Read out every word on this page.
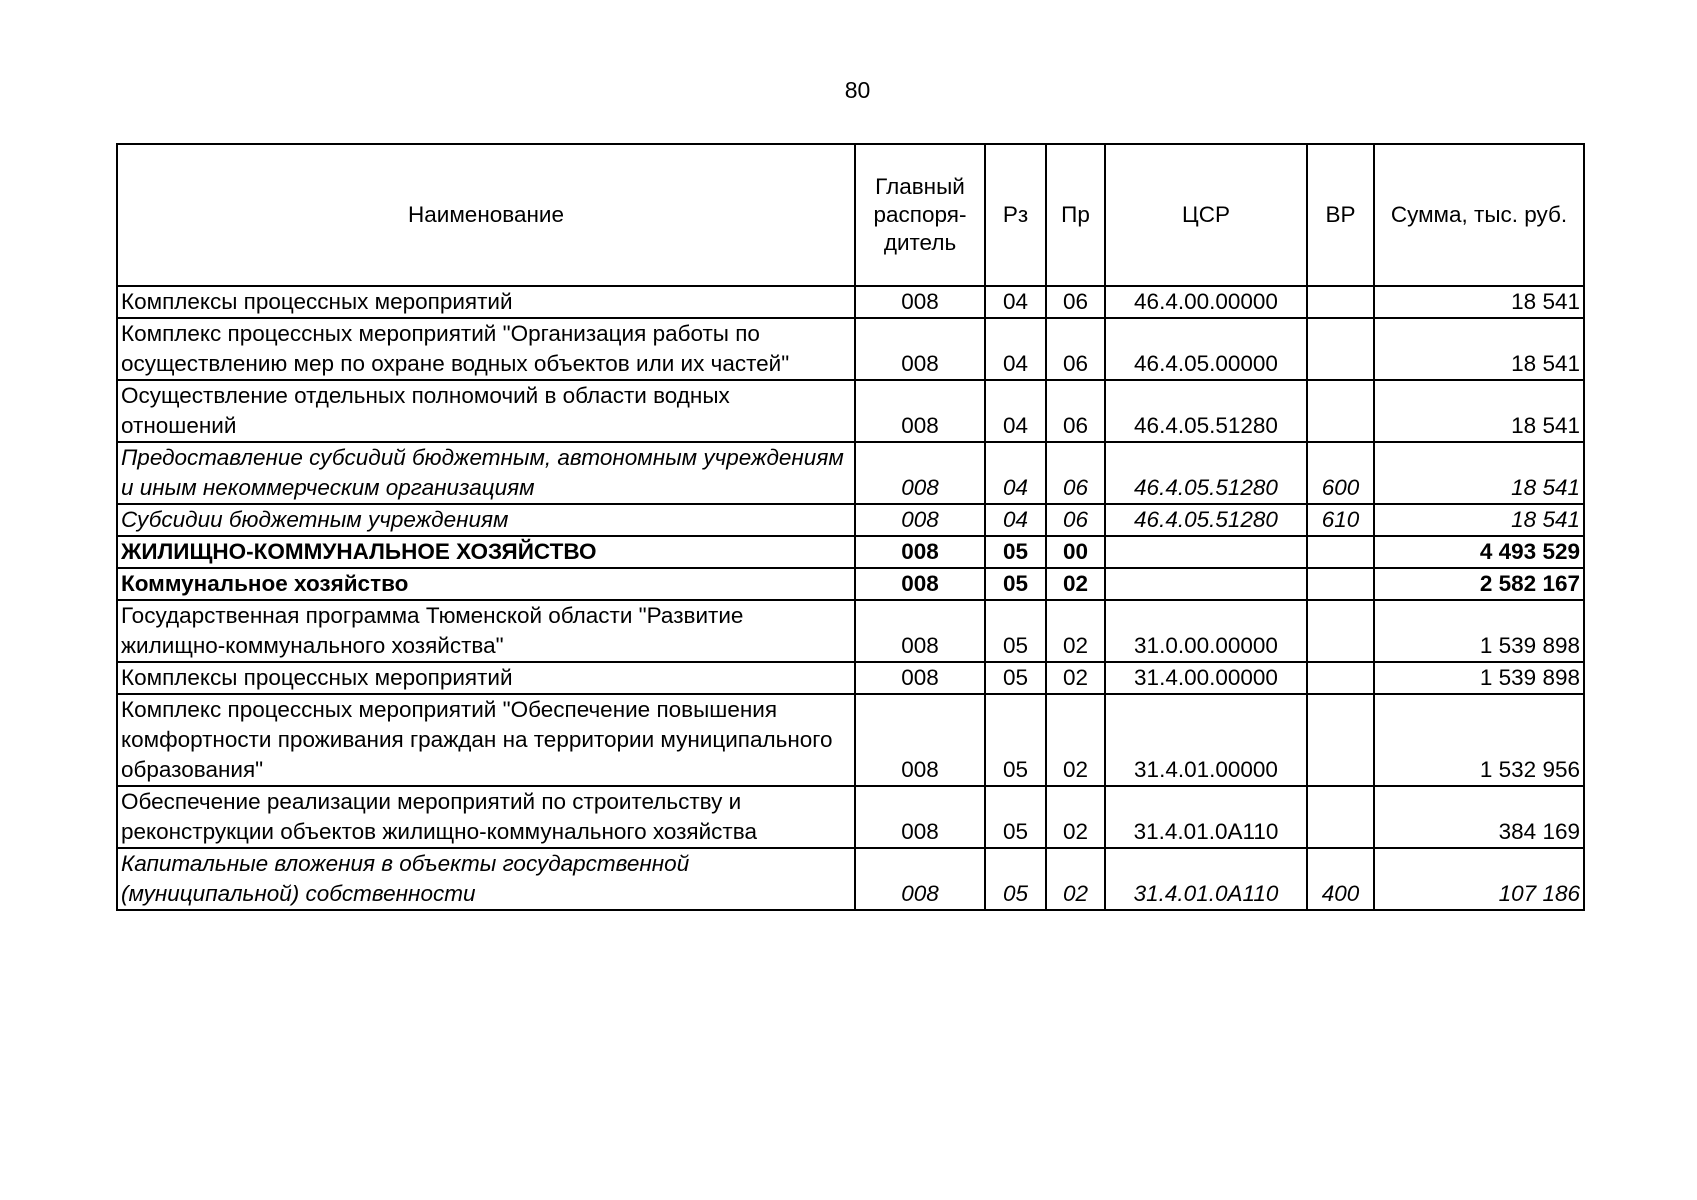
80
Наименование	Главный распоря-дитель	Рз	Пр	ЦСР	ВР	Сумма, тыс. руб.
Комплексы процессных мероприятий	008	04	06	46.4.00.00000		18 541
Комплекс процессных мероприятий "Организация работы по осуществлению мер по охране водных объектов или их частей"	008	04	06	46.4.05.00000		18 541
Осуществление отдельных полномочий в области водных отношений	008	04	06	46.4.05.51280		18 541
Предоставление субсидий бюджетным, автономным учреждениям и иным некоммерческим организациям	008	04	06	46.4.05.51280	600	18 541
Субсидии бюджетным учреждениям	008	04	06	46.4.05.51280	610	18 541
ЖИЛИЩНО-КОММУНАЛЬНОЕ ХОЗЯЙСТВО	008	05	00			4 493 529
Коммунальное хозяйство	008	05	02			2 582 167
Государственная программа Тюменской области "Развитие жилищно-коммунального хозяйства"	008	05	02	31.0.00.00000		1 539 898
Комплексы процессных мероприятий	008	05	02	31.4.00.00000		1 539 898
Комплекс процессных мероприятий "Обеспечение повышения комфортности проживания граждан на территории муниципального образования"	008	05	02	31.4.01.00000		1 532 956
Обеспечение реализации мероприятий по строительству и реконструкции объектов жилищно-коммунального хозяйства	008	05	02	31.4.01.0А110		384 169
Капитальные вложения в объекты государственной (муниципальной) собственности	008	05	02	31.4.01.0А110	400	107 186
